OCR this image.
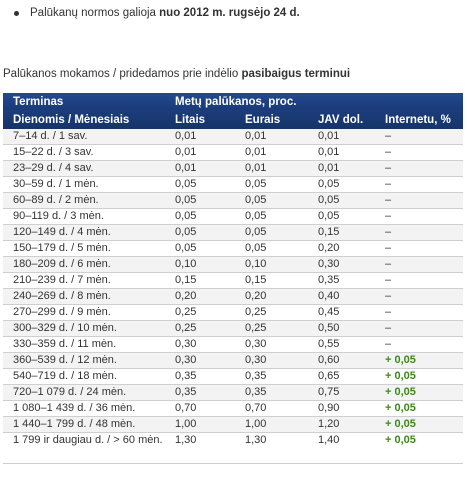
Palūkanų normos galioja nuo 2012 m. rugsėjo 24 d.
Palūkanos mokamos / pridedamos prie indėlio pasibaigus terminui
Terminas	Metų palūkanos, proc.			
Dienomis / Mėnesiais	Litais	Eurais	JAV dol.	Internetu, %
7–14 d. / 1 sav.	0,01	0,01	0,01	–
15–22 d. / 3 sav.	0,01	0,01	0,01	–
23–29 d. / 4 sav.	0,01	0,01	0,01	–
30–59 d. / 1 mėn.	0,05	0,05	0,05	–
60–89 d. / 2 mėn.	0,05	0,05	0,05	–
90–119 d. / 3 mėn.	0,05	0,05	0,05	–
120–149 d. / 4 mėn.	0,05	0,05	0,15	–
150–179 d. / 5 mėn.	0,05	0,05	0,20	–
180–209 d. / 6 mėn.	0,10	0,10	0,30	–
210–239 d. / 7 mėn.	0,15	0,15	0,35	–
240–269 d. / 8 mėn.	0,20	0,20	0,40	–
270–299 d. / 9 mėn.	0,25	0,25	0,45	–
300–329 d. / 10 mėn.	0,25	0,25	0,50	–
330–359 d. / 11 mėn.	0,30	0,30	0,55	–
360–539 d. / 12 mėn.	0,30	0,30	0,60	+ 0,05
540–719 d. / 18 mėn.	0,35	0,35	0,65	+ 0,05
720–1 079 d. / 24 mėn.	0,35	0,35	0,75	+ 0,05
1 080–1 439 d. / 36 mėn.	0,70	0,70	0,90	+ 0,05
1 440–1 799 d. / 48 mėn.	1,00	1,00	1,20	+ 0,05
1 799 ir daugiau d. / > 60 mėn.	1,30	1,30	1,40	+ 0,05
